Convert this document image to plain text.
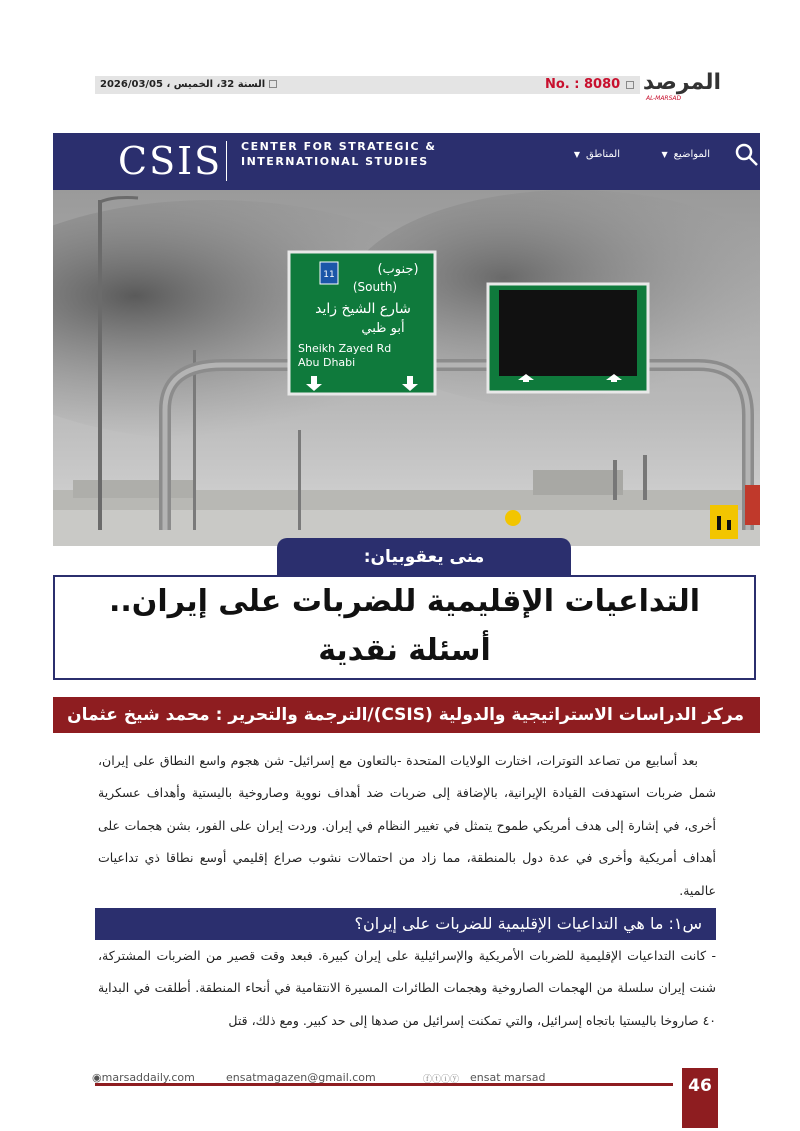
السنة 32، الخميس ، 2026/03/05	No. : 8080	المرصد
AL-MARSAD
CSIS CENTER FOR STRATEGIC &
INTERNATIONAL STUDIES
المواضيع▼
المناطق▼
11	(جنوب)
(South)
شارع الشيخ زايد
أبو ظبي
Sheikh Zayed Rd
Abu Dhabi
منى يعقوبيان:
التداعيات الإقليمية للضربات على إيران..
أسئلة نقدية
مركز الدراسات الاستراتيجية والدولية (CSIS)/الترجمة والتحرير : محمد شيخ عثمان
بعد أسابيع من تصاعد التوترات، اختارت الولايات المتحدة -بالتعاون مع إسرائيل- شن هجوم واسع النطاق على إيران، شمل ضربات استهدفت القيادة الإيرانية، بالإضافة إلى ضربات ضد أهداف نووية وصاروخية باليستية وأهداف عسكرية أخرى، في إشارة إلى هدف أمريكي طموح يتمثل في تغيير النظام في إيران. وردت إيران على الفور، بشن هجمات على أهداف أمريكية وأخرى في عدة دول بالمنطقة، مما زاد من احتمالات نشوب صراع إقليمي أوسع نطاقا ذي تداعيات عالمية.
س١: ما هي التداعيات الإقليمية للضربات على إيران؟
- كانت التداعيات الإقليمية للضربات الأمريكية والإسرائيلية على إيران كبيرة. فبعد وقت قصير من الضربات المشتركة، شنت إيران سلسلة من الهجمات الصاروخية وهجمات الطائرات المسيرة الانتقامية في أنحاء المنطقة. أطلقت في البداية ٤٠ صاروخا باليستيا باتجاه إسرائيل، والتي تمكنت إسرائيل من صدها إلى حد كبير. ومع ذلك، قتل
◉marsaddaily.com	ensatmagazen@gmail.com	ⓕⓣⓘⓨ ensat marsad	46
